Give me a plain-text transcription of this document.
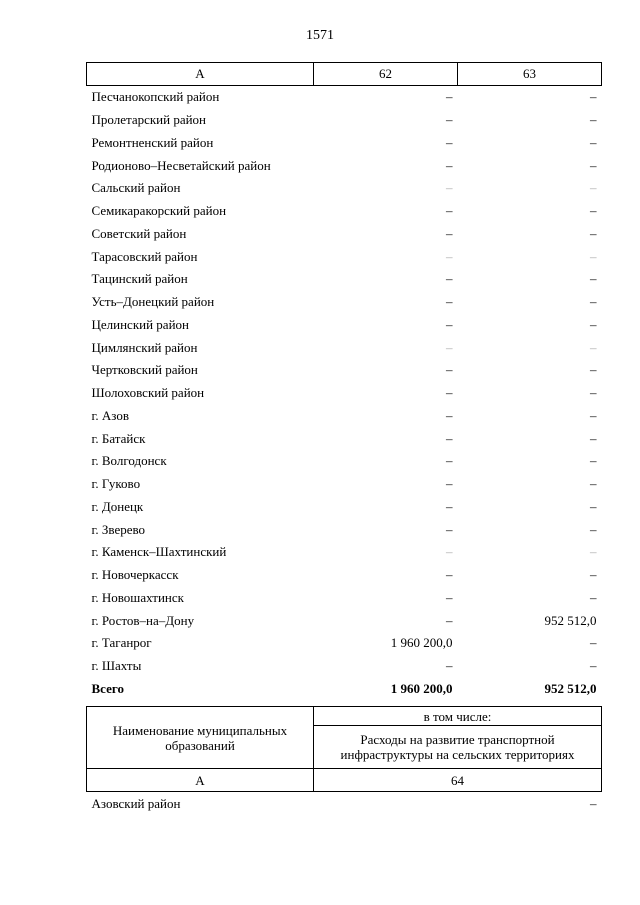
1571
А	62	63
Песчанокопский район	–	–
Пролетарский район	–	–
Ремонтненский район	–	–
Родионово–Несветайский район	–	–
Сальский район	–	–
Семикаракорский район	–	–
Советский район	–	–
Тарасовский район	–	–
Тацинский район	–	–
Усть–Донецкий район	–	–
Целинский район	–	–
Цимлянский район	–	–
Чертковский район	–	–
Шолоховский район	–	–
г. Азов	–	–
г. Батайск	–	–
г. Волгодонск	–	–
г. Гуково	–	–
г. Донецк	–	–
г. Зверево	–	–
г. Каменск–Шахтинский	–	–
г. Новочеркасск	–	–
г. Новошахтинск	–	–
г. Ростов–на–Дону	–	952 512,0
г. Таганрог	1 960 200,0	–
г. Шахты	–	–
Всего	1 960 200,0	952 512,0
Наименование муниципальных образований	в том числе:
	Расходы на развитие транспортной инфраструктуры на сельских территориях
А	64
Азовский район	–
